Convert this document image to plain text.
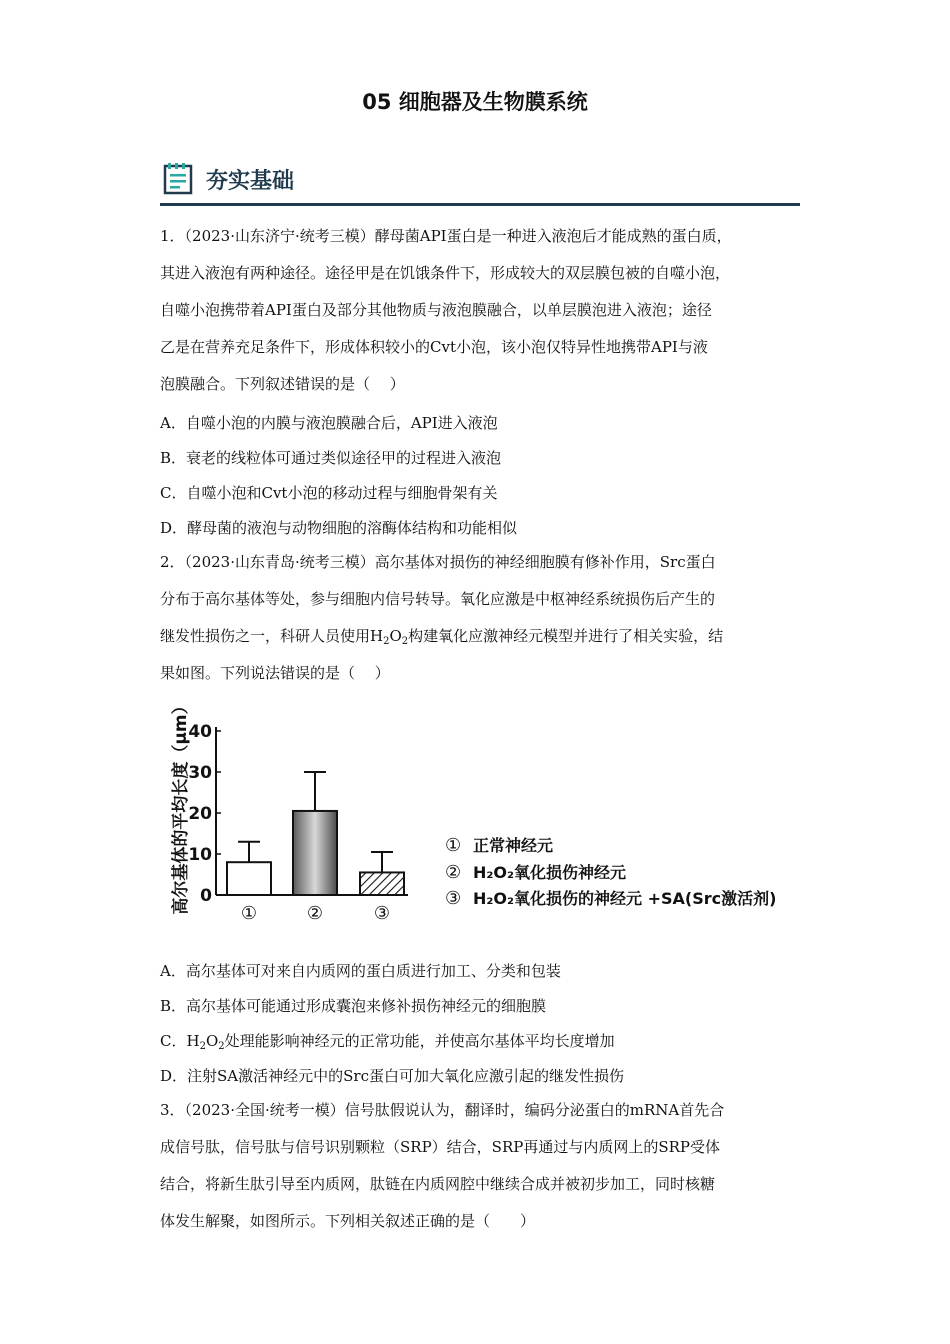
05 细胞器及生物膜系统
夯实基础
1．（2023·山东济宁·统考三模）酵母菌API蛋白是一种进入液泡后才能成熟的蛋白质，
其进入液泡有两种途径。途径甲是在饥饿条件下，形成较大的双层膜包被的自噬小泡，
自噬小泡携带着API蛋白及部分其他物质与液泡膜融合，以单层膜泡进入液泡；途径
乙是在营养充足条件下，形成体积较小的Cvt小泡，该小泡仅特异性地携带API与液
泡膜融合。下列叙述错误的是（　 ）
A．自噬小泡的内膜与液泡膜融合后，API进入液泡
B．衰老的线粒体可通过类似途径甲的过程进入液泡
C．自噬小泡和Cvt小泡的移动过程与细胞骨架有关
D．酵母菌的液泡与动物细胞的溶酶体结构和功能相似
2．（2023·山东青岛·统考三模）高尔基体对损伤的神经细胞膜有修补作用，Src蛋白
分布于高尔基体等处，参与细胞内信号转导。氧化应激是中枢神经系统损伤后产生的
继发性损伤之一，科研人员使用$H_2O_2$构建氧化应激神经元模型并进行了相关实验，结
果如图。下列说法错误的是（　 ）
高尔基体的平均长度（μm） 0
10
20
30
40
①	②	③
① 正常神经元
② H₂O₂氧化损伤神经元
③ H₂O₂氧化损伤的神经元 +SA(Src激活剂)
A．高尔基体可对来自内质网的蛋白质进行加工、分类和包装
B．高尔基体可能通过形成囊泡来修补损伤神经元的细胞膜
C．$H_2O_2$处理能影响神经元的正常功能，并使高尔基体平均长度增加
D．注射SA激活神经元中的Src蛋白可加大氧化应激引起的继发性损伤
3．（2023·全国·统考一模）信号肽假说认为，翻译时，编码分泌蛋白的mRNA首先合
成信号肽，信号肽与信号识别颗粒（SRP）结合，SRP再通过与内质网上的SRP受体
结合，将新生肽引导至内质网，肽链在内质网腔中继续合成并被初步加工，同时核糖
体发生解聚，如图所示。下列相关叙述正确的是（　　）
